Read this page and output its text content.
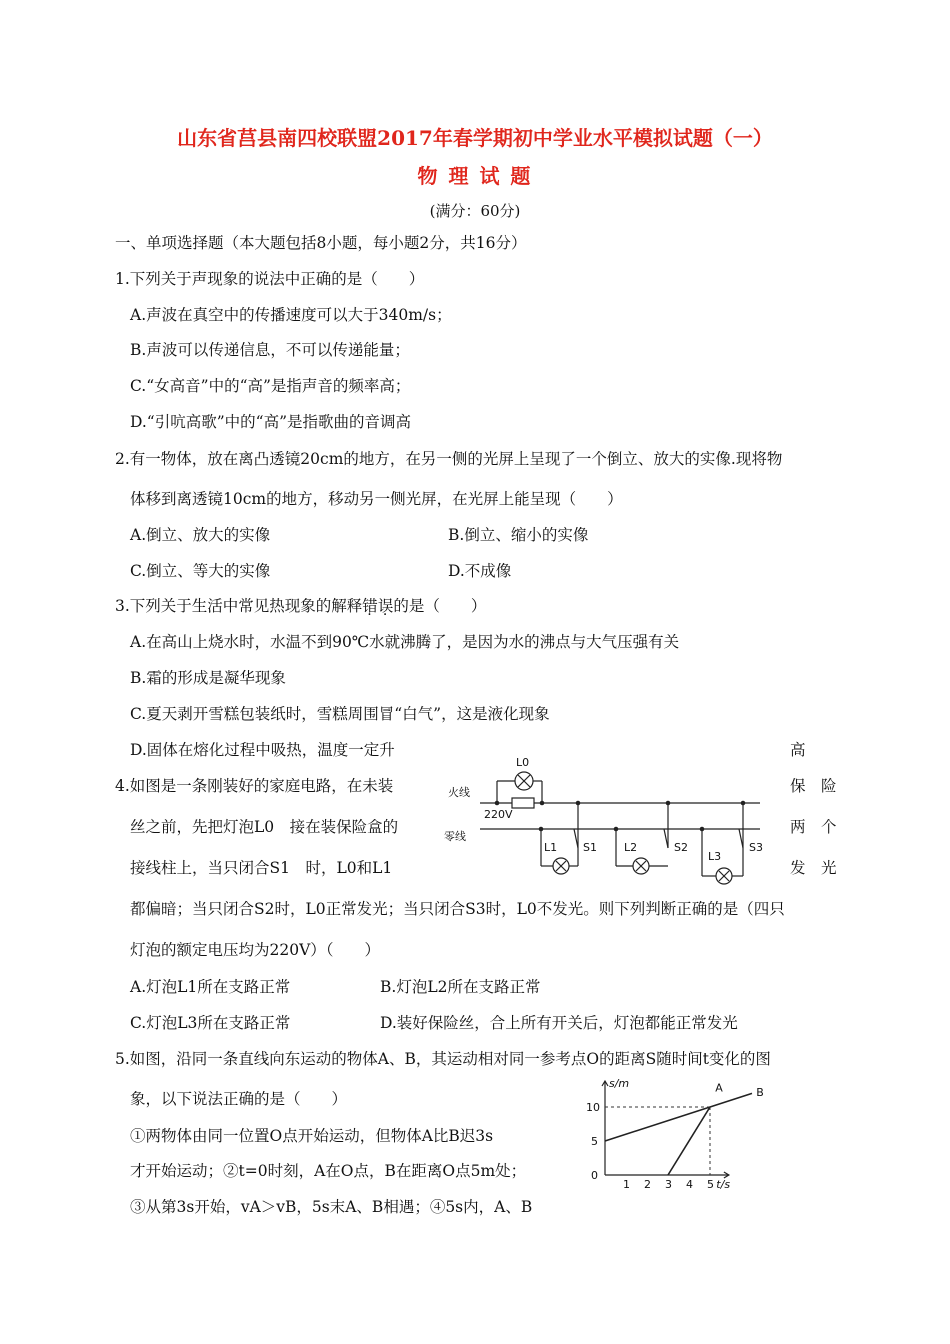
山东省莒县南四校联盟2017年春学期初中学业水平模拟试题（一）
物 理 试 题
(满分：60分)
一、单项选择题（本大题包括8小题，每小题2分，共16分）
1.下列关于声现象的说法中正确的是（　　）
A.声波在真空中的传播速度可以大于340m/s；
B.声波可以传递信息，不可以传递能量；
C.“女高音”中的“高”是指声音的频率高；
D.“引吭高歌”中的“高”是指歌曲的音调高
2.有一物体，放在离凸透镜20cm的地方，在另一侧的光屏上呈现了一个倒立、放大的实像.现将物
体移到离透镜10cm的地方，移动另一侧光屏，在光屏上能呈现（　　）
A.倒立、放大的实像	B.倒立、缩小的实像
C.倒立、等大的实像	D.不成像
3.下列关于生活中常见热现象的解释错误的是（　　）
A.在高山上烧水时，水温不到90℃水就沸腾了，是因为水的沸点与大气压强有关
B.霜的形成是凝华现象
C.夏天剥开雪糕包装纸时，雪糕周围冒“白气”，这是液化现象
D.固体在熔化过程中吸热，温度一定升	高
4.如图是一条刚装好的家庭电路，在未装	保　险
丝之前，先把灯泡L0　接在装保险盒的	两　个
接线柱上，当只闭合S1　时，L0和L1	发　光
都偏暗；当只闭合S2时，L0正常发光；当只闭合S3时，L0不发光。则下列判断正确的是（四只
灯泡的额定电压均为220V）（　　）
A.灯泡L1所在支路正常	B.灯泡L2所在支路正常
C.灯泡L3所在支路正常	D.装好保险丝，合上所有开关后，灯泡都能正常发光
火线
零线
220V
L0
L1 S1 L2	S2
L3
S3
5.如图，沿同一条直线向东运动的物体A、B，其运动相对同一参考点O的距离S随时间t变化的图
象，以下说法正确的是（　　）
①两物体由同一位置O点开始运动，但物体A比B迟3s
才开始运动；②t=0时刻，A在O点，B在距离O点5m处；
③从第3s开始，vA＞vB，5s末A、B相遇；④5s内，A、B
1 2 3 4 5
0
5
10
s/m
t/s
A	B
